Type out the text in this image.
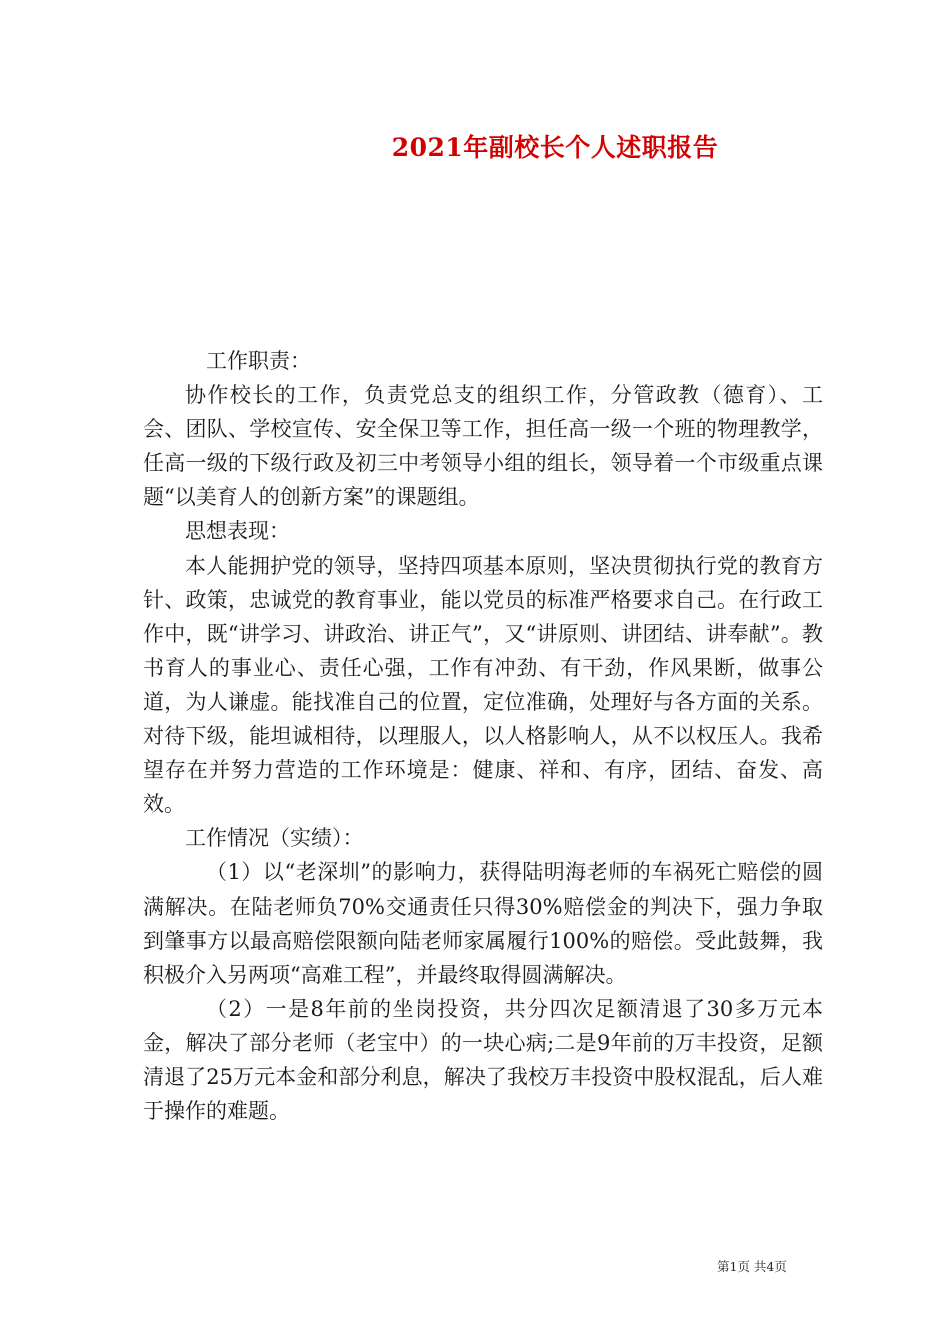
2021年副校长个人述职报告

工作职责：

协作校长的工作，负责党总支的组织工作，分管政教（德育）、工会、团队、学校宣传、安全保卫等工作，担任高一级一个班的物理教学，任高一级的下级行政及初三中考领导小组的组长，领导着一个市级重点课题“以美育人的创新方案”的课题组。

思想表现：

本人能拥护党的领导，坚持四项基本原则，坚决贯彻执行党的教育方针、政策，忠诚党的教育事业，能以党员的标准严格要求自己。在行政工作中，既“讲学习、讲政治、讲正气”，又“讲原则、讲团结、讲奉献”。教书育人的事业心、责任心强，工作有冲劲、有干劲，作风果断，做事公道，为人谦虚。能找准自己的位置，定位准确，处理好与各方面的关系。对待下级，能坦诚相待，以理服人，以人格影响人，从不以权压人。我希望存在并努力营造的工作环境是：健康、祥和、有序，团结、奋发、高效。

工作情况（实绩）：

（1）以“老深圳”的影响力，获得陆明海老师的车祸死亡赔偿的圆满解决。在陆老师负70%交通责任只得30%赔偿金的判决下，强力争取到肇事方以最高赔偿限额向陆老师家属履行100%的赔偿。受此鼓舞，我积极介入另两项“高难工程”，并最终取得圆满解决。

（2）一是8年前的坐岗投资，共分四次足额清退了30多万元本金，解决了部分老师（老宝中）的一块心病;二是9年前的万丰投资，足额清退了25万元本金和部分利息，解决了我校万丰投资中股权混乱，后人难于操作的难题。

第1页 共4页
